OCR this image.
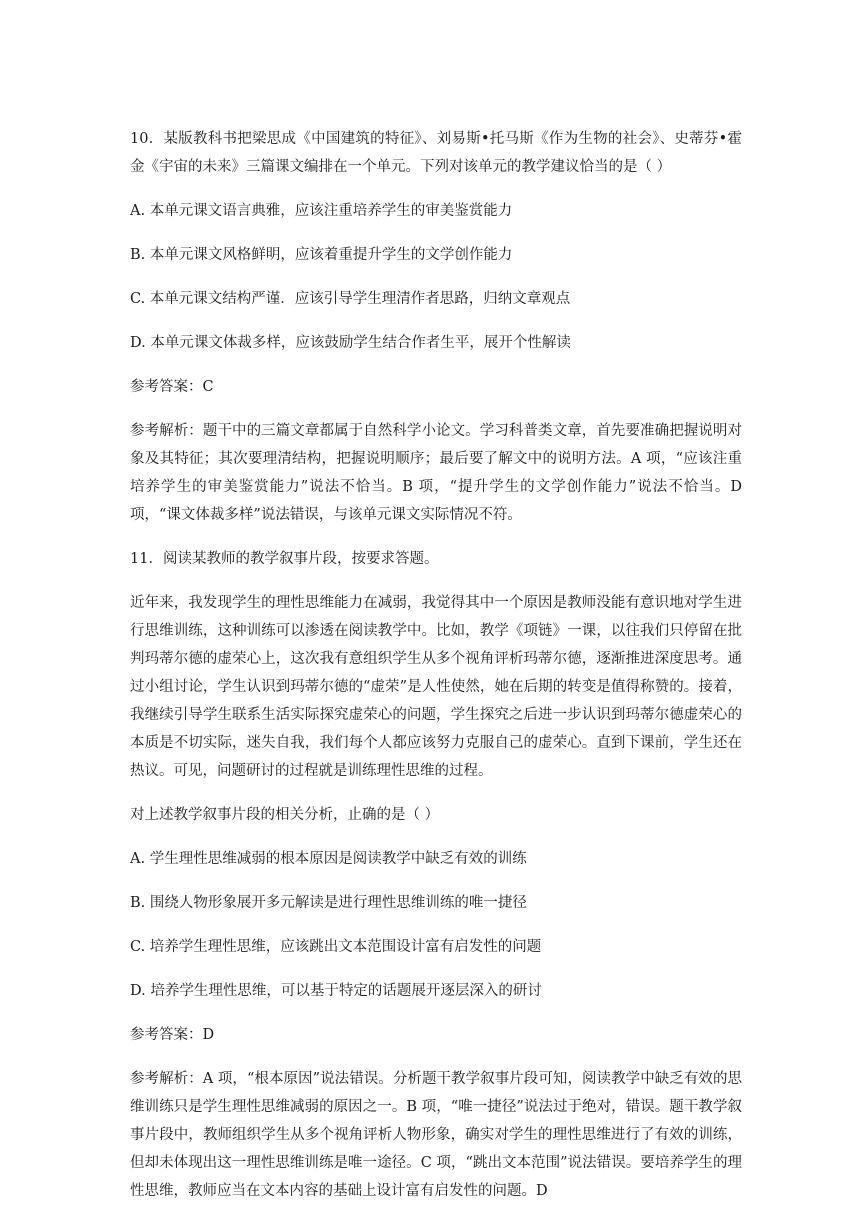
10．某版教科书把梁思成《中国建筑的特征》、刘易斯•托马斯《作为生物的社会》、史蒂芬•霍金《宇宙的未来》三篇课文编排在一个单元。下列对该单元的教学建议恰当的是（ ）

A. 本单元课文语言典雅，应该注重培养学生的审美鉴赏能力

B. 本单元课文风格鲜明，应该着重提升学生的文学创作能力

C. 本单元课文结构严谨．应该引导学生理清作者思路，归纳文章观点

D. 本单元课文体裁多样，应该鼓励学生结合作者生平，展开个性解读

参考答案：C

参考解析：题干中的三篇文章都属于自然科学小论文。学习科普类文章，首先要准确把握说明对象及其特征；其次要理清结构，把握说明顺序；最后要了解文中的说明方法。A 项，“应该注重培养学生的审美鉴赏能力”说法不恰当。B 项，“提升学生的文学创作能力”说法不恰当。D 项，“课文体裁多样”说法错误，与该单元课文实际情况不符。

11．阅读某教师的教学叙事片段，按要求答题。

近年来，我发现学生的理性思维能力在减弱，我觉得其中一个原因是教师没能有意识地对学生进行思维训练，这种训练可以渗透在阅读教学中。比如，教学《项链》一课，以往我们只停留在批判玛蒂尔德的虚荣心上，这次我有意组织学生从多个视角评析玛蒂尔德，逐渐推进深度思考。通过小组讨论，学生认识到玛蒂尔德的“虚荣”是人性使然，她在后期的转变是值得称赞的。接着，我继续引导学生联系生活实际探究虚荣心的问题，学生探究之后进一步认识到玛蒂尔德虚荣心的本质是不切实际，迷失自我，我们每个人都应该努力克服自己的虚荣心。直到下课前，学生还在热议。可见，问题研讨的过程就是训练理性思维的过程。

对上述教学叙事片段的相关分析，止确的是（ ）

A. 学生理性思维减弱的根本原因是阅读教学中缺乏有效的训练

B. 围绕人物形象展开多元解读是进行理性思维训练的唯一捷径

C. 培养学生理性思维，应该跳出文本范围设计富有启发性的问题

D. 培养学生理性思维，可以基于特定的话题展开逐层深入的研讨

参考答案：D

参考解析：A 项，“根本原因”说法错误。分析题干教学叙事片段可知，阅读教学中缺乏有效的思维训练只是学生理性思维减弱的原因之一。B 项，“唯一捷径”说法过于绝对，错误。题干教学叙事片段中，教师组织学生从多个视角评析人物形象，确实对学生的理性思维进行了有效的训练，但却未体现出这一理性思维训练是唯一途径。C 项，“跳出文本范围”说法错误。要培养学生的理性思维，教师应当在文本内容的基础上设计富有启发性的问题。D
